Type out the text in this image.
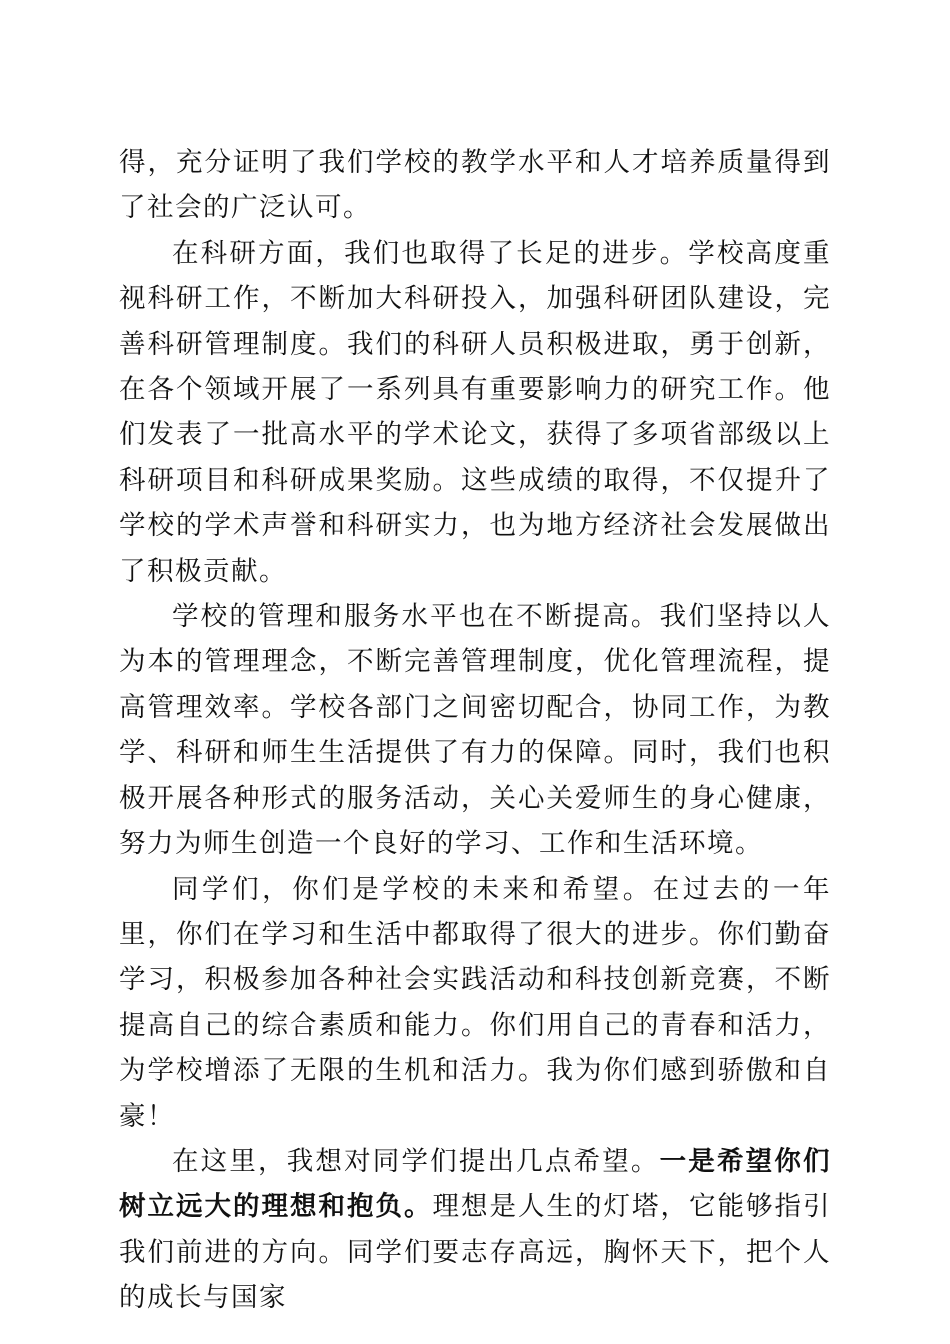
得，充分证明了我们学校的教学水平和人才培养质量得到了社会的广泛认可。

在科研方面，我们也取得了长足的进步。学校高度重视科研工作，不断加大科研投入，加强科研团队建设，完善科研管理制度。我们的科研人员积极进取，勇于创新，在各个领域开展了一系列具有重要影响力的研究工作。他们发表了一批高水平的学术论文，获得了多项省部级以上科研项目和科研成果奖励。这些成绩的取得，不仅提升了学校的学术声誉和科研实力，也为地方经济社会发展做出了积极贡献。

学校的管理和服务水平也在不断提高。我们坚持以人为本的管理理念，不断完善管理制度，优化管理流程，提高管理效率。学校各部门之间密切配合，协同工作，为教学、科研和师生生活提供了有力的保障。同时，我们也积极开展各种形式的服务活动，关心关爱师生的身心健康，努力为师生创造一个良好的学习、工作和生活环境。

同学们，你们是学校的未来和希望。在过去的一年里，你们在学习和生活中都取得了很大的进步。你们勤奋学习，积极参加各种社会实践活动和科技创新竞赛，不断提高自己的综合素质和能力。你们用自己的青春和活力，为学校增添了无限的生机和活力。我为你们感到骄傲和自豪！

在这里，我想对同学们提出几点希望。一是希望你们树立远大的理想和抱负。理想是人生的灯塔，它能够指引我们前进的方向。同学们要志存高远，胸怀天下，把个人的成长与国家
